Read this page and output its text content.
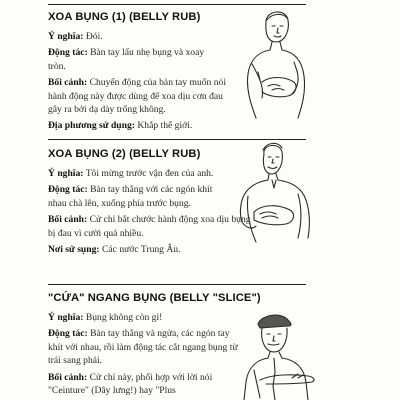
XOA BỤNG (1) (BELLY RUB)
Ý nghĩa: Đói.
Động tác: Bàn tay lấu nhẹ bụng và xoay tròn.
Bối cảnh: Chuyển động của bàn tay muốn nói hành động này được dùng để xoa dịu cơn đau gây ra bởi dạ dày trống không.
Địa phương sử dụng: Khắp thế giới.
XOA BỤNG (2) (BELLY RUB)
Ý nghĩa: Tôi mừng trước vận đen của anh.
Động tác: Bàn tay thẳng với các ngón khít nhau chà lên, xuống phía trước bụng.
Bối cảnh: Cử chỉ bắt chước hành động xoa dịu bụng bị đau vì cười quá nhiều.
Nơi sử sụng: Các nước Trung Âu.
"CỨA" NGANG BỤNG (BELLY "SLICE")
Ý nghĩa: Bụng không còn gì!
Động tác: Bàn tay thẳng và ngửa, các ngón tay khít với nhau, rồi làm động tác cắt ngang bụng từ trái sang phải.
Bối cảnh: Cử chỉ này, phối hợp với lời nói "Ceinture" (Dây lưng!) hay "Plus
